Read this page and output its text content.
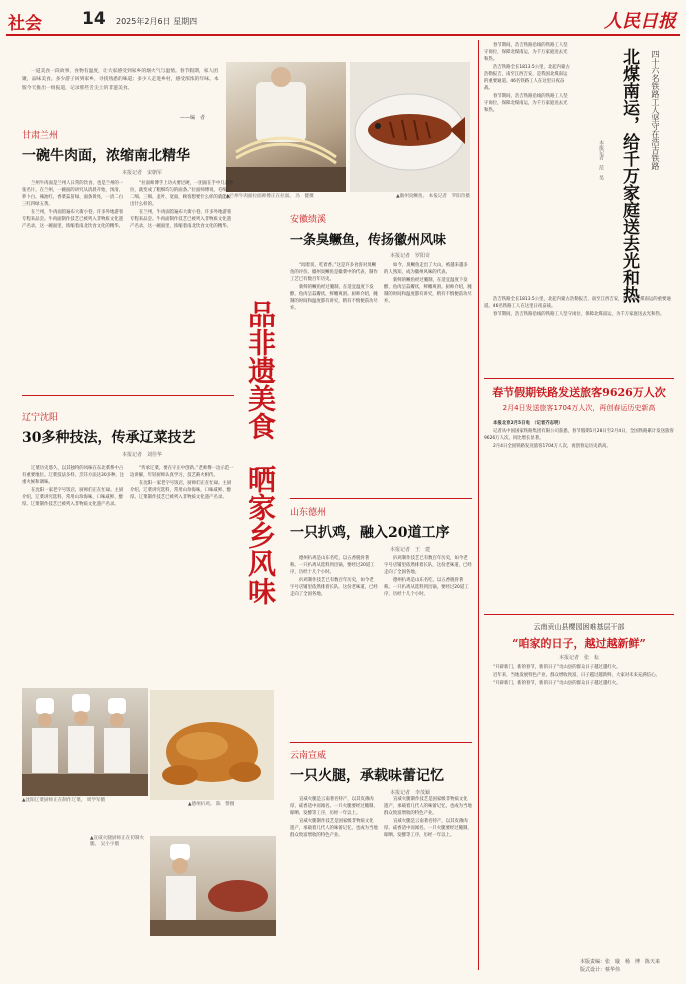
社会 14 2025年2月6日 星期四	人民日报

一道美食一段故事，食物有温度，让大家感受到家乡的烟火气与温情。春节假期，家人团聚，品味美食。多少游子回到家乡，寻找熟悉的味道；多少人走进乡村，感受浓浓的年味。本版今天推出一组报道，记录那些舌尖上的非遗美食。

——编　者
▲兰州牛肉面拉面师傅正在拉面。 冯　健摄	▲徽州臭鳜鱼。 本报记者　罗阳奇摄
甘肃兰州
一碗牛肉面，浓缩南北精华
本报记者　宋朝军

兰州牛肉面是兰州人日常的饮食，也是兰州的一张名片。在兰州，一碗面的讲究从清晨开始，汤清、萝卜白、辣油红、香菜蒜苗绿、面条黄亮，一清二白三红四绿五黄。

在兰州，牛肉面馆遍布大街小巷，许多外地游客专程来品尝。牛肉面制作技艺已被列入非物质文化遗产名录，这一碗面里，浓缩着南北饮食文化的精华。

“拉面师傅手上功夫要过硬，一团面在手中几番抻拉，就变成了粗细均匀的面条。”拉面师傅说，毛细、二细、三细、韭叶、宽面，顾客想要什么样的就能拉出什么样的。

在兰州，牛肉面馆遍布大街小巷，许多外地游客专程来品尝。牛肉面制作技艺已被列入非物质文化遗产名录，这一碗面里，浓缩着南北饮食文化的精华。

品非遗美食
晒家乡风味
安徽绩溪
一条臭鳜鱼，传扬徽州风味
本报记者　罗阳奇

“闻着臭，吃着香。”这是许多食客对臭鳜鱼的评价。徽州臭鳜鱼是徽菜中的代表，制作工艺已有数百年历史。

新鲜的鳜鱼经过腌制，在适宜温度下发酵，鱼肉呈蒜瓣状，鲜嫩爽滑。厨师介绍，腌制的时间和温度都有讲究，稍有不慎便前功尽弃。

如今，臭鳜鱼走出了大山，被越来越多的人熟知，成为徽州风味的代表。

新鲜的鳜鱼经过腌制，在适宜温度下发酵，鱼肉呈蒜瓣状，鲜嫩爽滑。厨师介绍，腌制的时间和温度都有讲究，稍有不慎便前功尽弃。

辽宁沈阳
30多种技法，传承辽菜技艺
本报记者　刘佳华

辽菜历史悠久，以其独特的风味在东北菜系中占有重要地位。辽菜技法多样，烹饪方法达30多种，注重火候和调味。

在沈阳一家老字号饭店，厨师们正在忙碌。主厨介绍，辽菜讲究选料，常用山珍海味，口味咸鲜、醇厚。辽菜制作技艺已被列入非物质文化遗产名录。

“传承辽菜，要在守正中创新。”老师傅一边示范一边讲解，年轻厨师认真学习，技艺薪火相传。

在沈阳一家老字号饭店，厨师们正在忙碌。主厨介绍，辽菜讲究选料，常用山珍海味，口味咸鲜、醇厚。辽菜制作技艺已被列入非物质文化遗产名录。

▲沈阳辽菜厨师正在制作辽菜。 周学军摄
▲宣威火腿厨师正在切制火腿。 吴小宇摄
山东德州
一只扒鸡，融入20道工序
本报记者　王　建

德州扒鸡是山东名吃，以五香脱骨著称。一只扒鸡从选料到出锅，要经过20道工序，历经十几个小时。

扒鸡制作技艺已有数百年历史，如今老字号店铺里依然排着长队，这份老味道，已经走向了全国各地。

扒鸡制作技艺已有数百年历史，如今老字号店铺里依然排着长队，这份老味道，已经走向了全国各地。

德州扒鸡是山东名吃，以五香脱骨著称。一只扒鸡从选料到出锅，要经过20道工序，历经十几个小时。

▲德州扒鸡。 陈　赞摄
云南宣威
一只火腿，承载味蕾记忆
本报记者　李茂颖

宣威火腿是云南著名特产，以其皮薄肉厚、咸香适中而闻名。一只火腿要经过腌制、晾晒、发酵等工序，历经一年以上。

宣威火腿制作技艺是国家级非物质文化遗产，承载着几代人的味蕾记忆，也成为当地群众致富增收的特色产业。

宣威火腿制作技艺是国家级非物质文化遗产，承载着几代人的味蕾记忆，也成为当地群众致富增收的特色产业。

宣威火腿是云南著名特产，以其皮薄肉厚、咸香适中而闻名。一只火腿要经过腌制、晾晒、发酵等工序，历经一年以上。

春节期间，浩吉铁路沿线的铁路工人坚守岗位，保障北煤南运，为千万家庭送去光和热。

浩吉铁路全长1813.5公里，北起内蒙古浩勒报吉，南至江西吉安，是我国北煤南运的重要通道。46名铁路工人在这里日夜奋战。

春节期间，浩吉铁路沿线的铁路工人坚守岗位，保障北煤南运，为千万家庭送去光和热。	四十六名铁路工人坚守在浩吉铁路
北煤南运，给千万家庭送去光和热
本报记者　范　昊

浩吉铁路全长1813.5公里，北起内蒙古浩勒报吉，南至江西吉安，是我国北煤南运的重要通道。46名铁路工人在这里日夜奋战。

春节期间，浩吉铁路沿线的铁路工人坚守岗位，保障北煤南运，为千万家庭送去光和热。

春节假期铁路发送旅客9626万人次
2月4日发送旅客1704万人次，再创春运历史新高

本报北京2月5日电　（记者齐志明）

记者从中国国家铁路集团有限公司获悉，春节假期1月28日至2月4日，全国铁路累计发送旅客9626万人次，同比增长显著。

2月4日全国铁路发送旅客1704万人次，再创春运历史新高。

云南贡山县樱园困难基层干部
“咱家的日子，越过越新鲜”
本报记者　张　耘

“开辟新门，新的春节，新的日子”贡山县的群众日子越过越红火。

近年来，当地发展特色产业，群众增收致富，日子越过越新鲜，大家对未来充满信心。

“开辟新门，新的春节，新的日子”贡山县的群众日子越过越红火。

本版责编：张　璇　杨　博　陈天来
版式设计：蔡华伟
